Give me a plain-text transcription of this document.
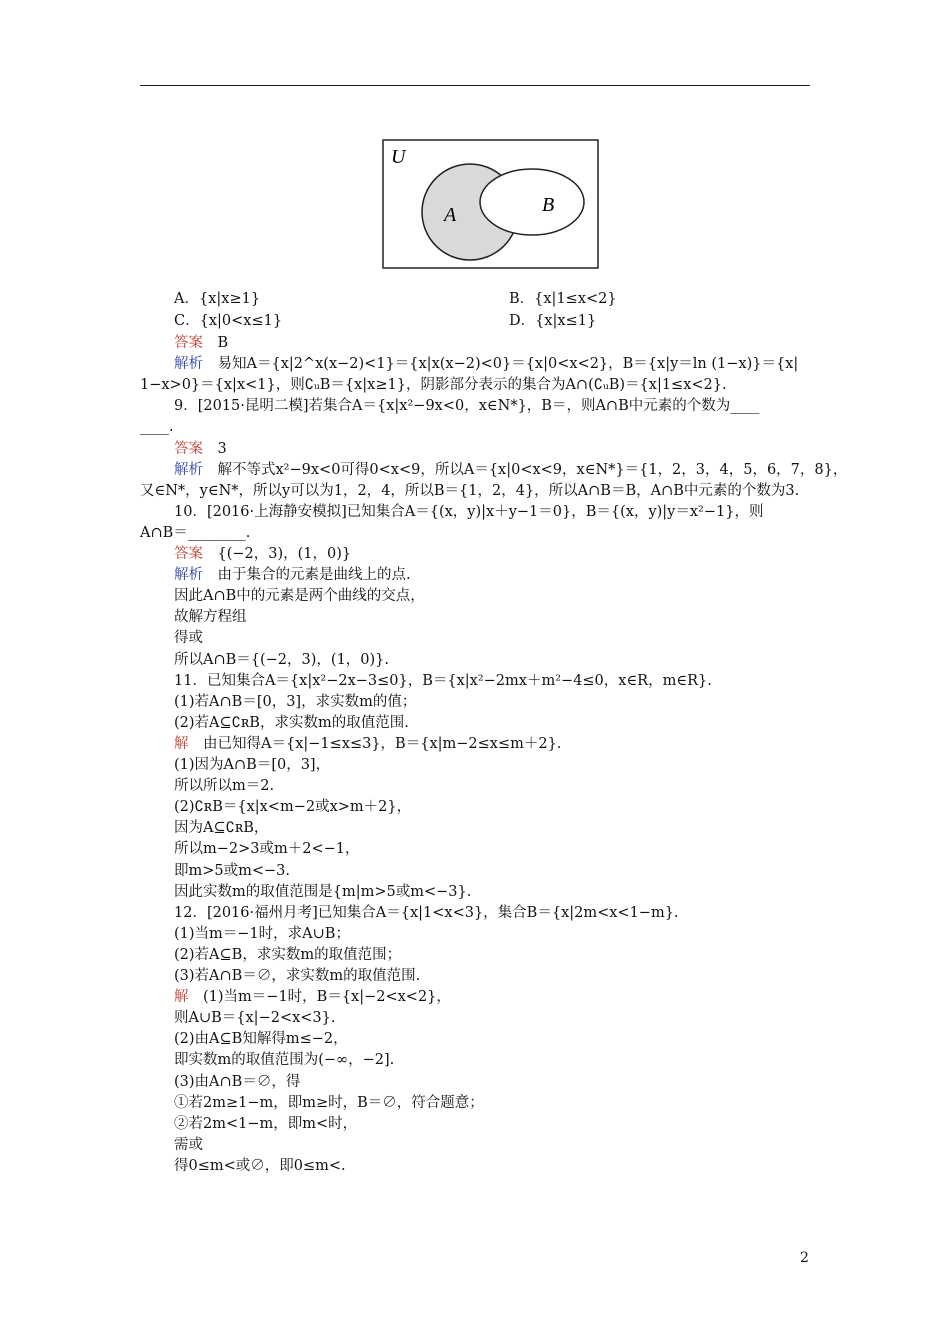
U
A	B
A．{x|x≥1}	B．{x|1≤x<2}
C．{x|0<x≤1}	D．{x|x≤1}
答案  B
解析  易知A＝{x|2^x(x−2)<1}＝{x|x(x−2)<0}＝{x|0<x<2}，B＝{x|y＝ln (1−x)}＝{x|
1−x>0}＝{x|x<1}，则∁ᵤB＝{x|x≥1}，阴影部分表示的集合为A∩(∁ᵤB)＝{x|1≤x<2}.
9．[2015·昆明二模]若集合A＝{x|x²−9x<0，x∈N*}，B＝，则A∩B中元素的个数为____
____.
答案  3
解析  解不等式x²−9x<0可得0<x<9，所以A＝{x|0<x<9，x∈N*}＝{1，2，3，4，5，6，7，8}，
又∈N*，y∈N*，所以y可以为1，2，4，所以B＝{1，2，4}，所以A∩B＝B，A∩B中元素的个数为3.
10．[2016·上海静安模拟]已知集合A＝{(x，y)|x＋y−1＝0}，B＝{(x，y)|y＝x²−1}，则
A∩B＝________.
答案  {(−2，3)，(1，0)}
解析  由于集合的元素是曲线上的点.
因此A∩B中的元素是两个曲线的交点，
故解方程组
得或
所以A∩B＝{(−2，3)，(1，0)}.
11．已知集合A＝{x|x²−2x−3≤0}，B＝{x|x²−2mx＋m²−4≤0，x∈R，m∈R}.
(1)若A∩B＝[0，3]，求实数m的值；
(2)若A⊆∁ʀB，求实数m的取值范围.
解  由已知得A＝{x|−1≤x≤3}，B＝{x|m−2≤x≤m＋2}.
(1)因为A∩B＝[0，3]，
所以所以m＝2.
(2)∁ʀB＝{x|x<m−2或x>m＋2}，
因为A⊆∁ʀB，
所以m−2>3或m＋2<−1，
即m>5或m<−3.
因此实数m的取值范围是{m|m>5或m<−3}.
12．[2016·福州月考]已知集合A＝{x|1<x<3}，集合B＝{x|2m<x<1−m}.
(1)当m＝−1时，求A∪B；
(2)若A⊆B，求实数m的取值范围；
(3)若A∩B＝∅，求实数m的取值范围.
解  (1)当m＝−1时，B＝{x|−2<x<2}，
则A∪B＝{x|−2<x<3}.
(2)由A⊆B知解得m≤−2，
即实数m的取值范围为(−∞，−2].
(3)由A∩B＝∅，得
①若2m≥1−m，即m≥时，B＝∅，符合题意；
②若2m<1−m，即m<时，
需或
得0≤m<或∅，即0≤m<.
2
